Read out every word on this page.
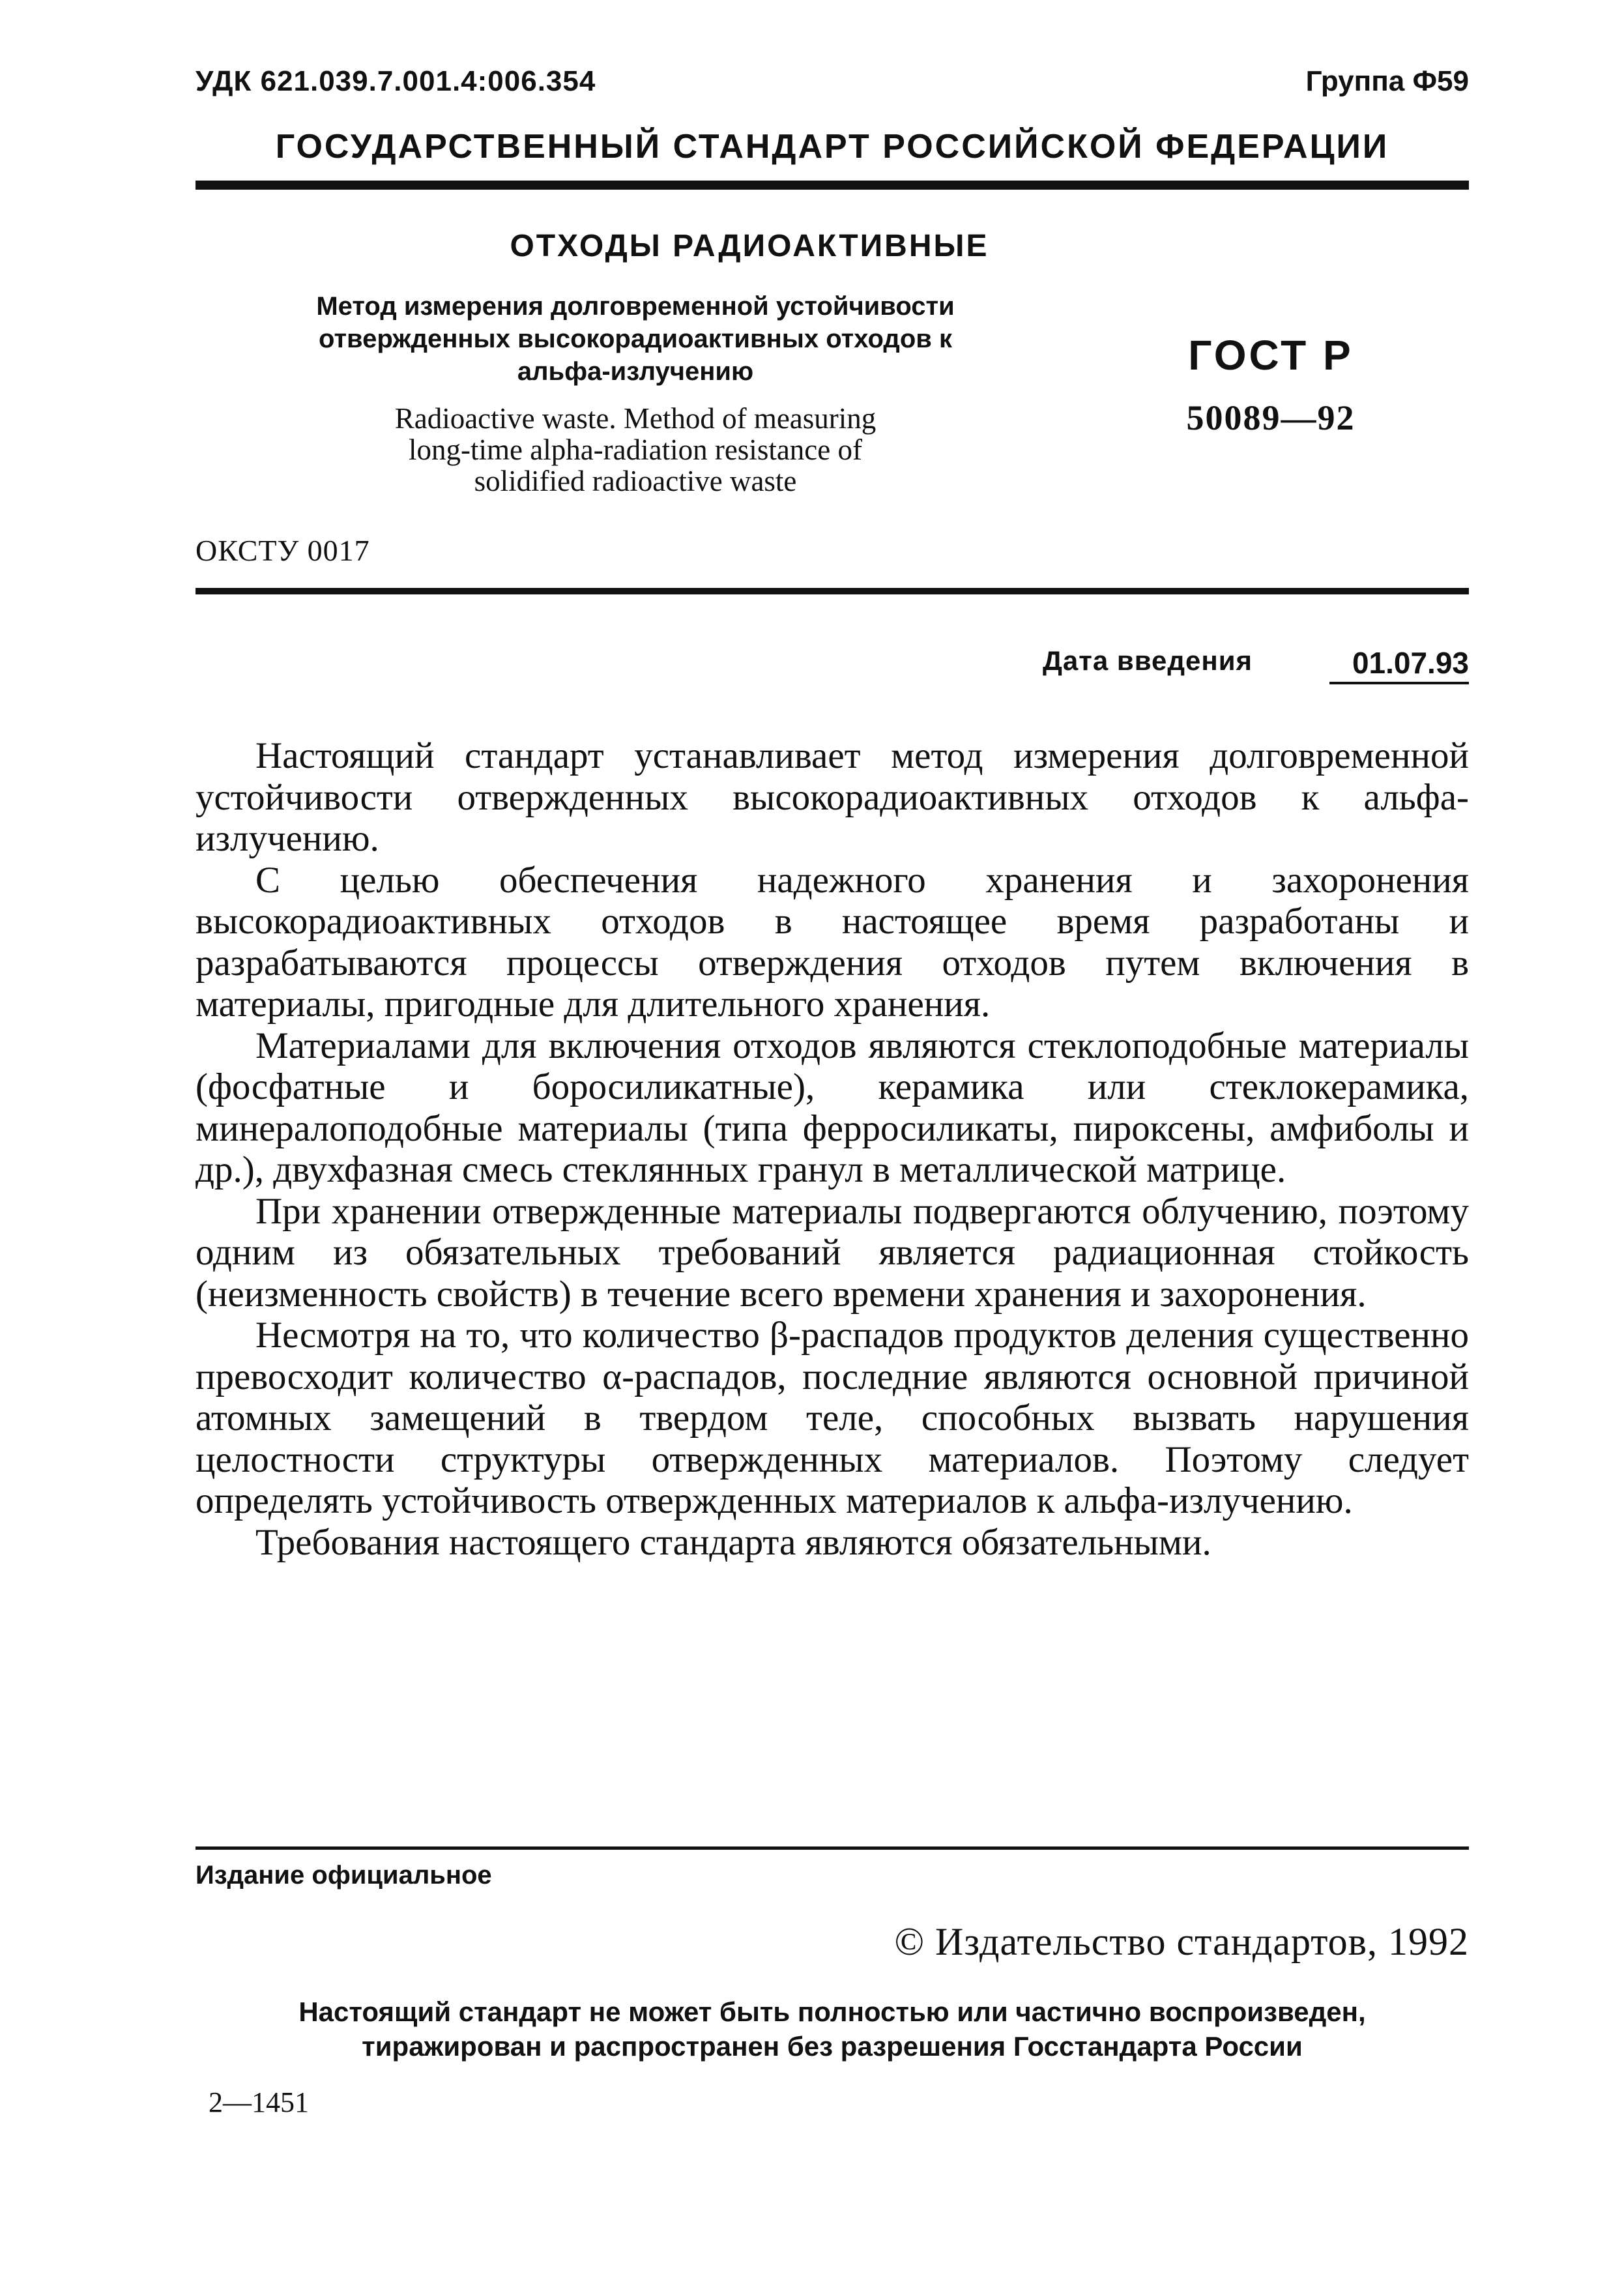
УДК 621.039.7.001.4:006.354	Группа Ф59
ГОСУДАРСТВЕННЫЙ СТАНДАРТ РОССИЙСКОЙ ФЕДЕРАЦИИ
ОТХОДЫ РАДИОАКТИВНЫЕ
Метод измерения долговременной устойчивости
отвержденных высокорадиоактивных отходов к
альфа-излучению
Radioactive waste. Method of measuring
long-time alpha-radiation resistance of
solidified radioactive waste
ГОСТ Р
50089—92
ОКСТУ 0017
Дата введения	01.07.93

Настоящий стандарт устанавливает метод измерения долговременной устойчивости отвержденных высокорадиоактивных отходов к альфа-излучению.

С целью обеспечения надежного хранения и захоронения высокорадиоактивных отходов в настоящее время разработаны и разрабатываются процессы отверждения отходов путем включения в материалы, пригодные для длительного хранения.

Материалами для включения отходов являются стеклоподобные материалы (фосфатные и боросиликатные), керамика или стеклокерамика, минералоподобные материалы (типа ферросиликаты, пироксены, амфиболы и др.), двухфазная смесь стеклянных гранул в металлической матрице.

При хранении отвержденные материалы подвергаются облучению, поэтому одним из обязательных требований является радиационная стойкость (неизменность свойств) в течение всего времени хранения и захоронения.

Несмотря на то, что количество β-распадов продуктов деления существенно превосходит количество α-распадов, последние являются основной причиной атомных замещений в твердом теле, способных вызвать нарушения целостности структуры отвержденных материалов. Поэтому следует определять устойчивость отвержденных материалов к альфа-излучению.

Требования настоящего стандарта являются обязательными.

Издание официальное
© Издательство стандартов, 1992
Настоящий стандарт не может быть полностью или частично воспроизведен,
тиражирован и распространен без разрешения Госстандарта России
2—1451
